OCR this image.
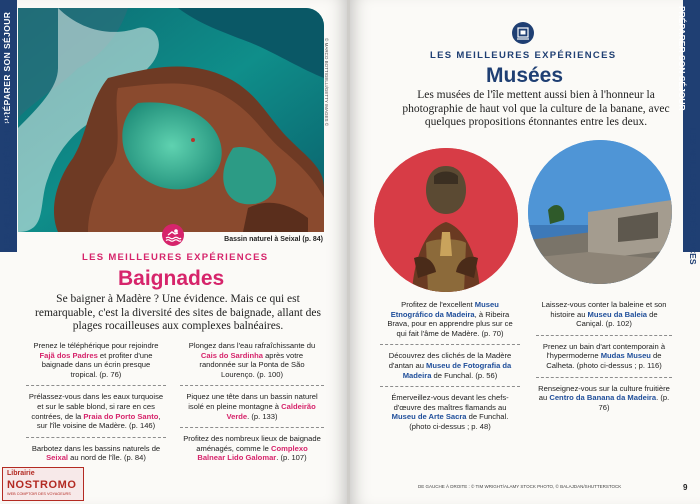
PRÉPARER SON SÉJOUR
LES MEILLEURES EXPÉRIENCES
© MARCO BOTTIGELLI/GETTY IMAGES ©
Bassin naturel à Seixal (p. 84)
LES MEILLEURES EXPÉRIENCES
Baignades
Se baigner à Madère ? Une évidence. Mais ce qui est remarquable, c'est la diversité des sites de baignade, allant des plages rocailleuses aux complexes balnéaires.
Prenez le téléphérique pour rejoindre Fajã dos Padres et profiter d'une baignade dans un écrin presque tropical. (p. 76)
Prélassez-vous dans les eaux turquoise et sur le sable blond, si rare en ces contrées, de la Praia do Porto Santo, sur l'île voisine de Madère. (p. 146)
Barbotez dans les bassins naturels de Seixal au nord de l'île. (p. 84)
Plongez dans l'eau rafraîchissante du Cais do Sardinha après votre randonnée sur la Ponta de São Lourenço. (p. 100)
Piquez une tête dans un bassin naturel isolé en pleine montagne à Caldeirão Verde. (p. 133)
Profitez des nombreux lieux de baignade aménagés, comme le Complexo Balnear Lido Galomar. (p. 107)
Librairie
NOSTROMO
WEB COMPTOIR DES VOYAGEURS
LES MEILLEURES EXPÉRIENCES
Musées
Les musées de l'île mettent aussi bien à l'honneur la photographie de haut vol que la culture de la banane, avec quelques propositions étonnantes entre les deux.
Profitez de l'excellent Museu Etnográfico da Madeira, à Ribeira Brava, pour en apprendre plus sur ce qui fait l'âme de Madère. (p. 70)
Découvrez des clichés de la Madère d'antan au Museu de Fotografia da Madeira de Funchal. (p. 56)
Émerveillez-vous devant les chefs-d'œuvre des maîtres flamands au Museu de Arte Sacra de Funchal. (photo ci-dessus ; p. 48)
Laissez-vous conter la baleine et son histoire au Museu da Baleia de Caniçal. (p. 102)
Prenez un bain d'art contemporain à l'hypermoderne Mudas Museu de Calheta. (photo ci-dessus ; p. 116)
Renseignez-vous sur la culture fruitière au Centro da Banana da Madeira. (p. 76)
PRÉPARER SON SÉJOUR
LES MEILLEURES EXPÉRIENCES
DE GAUCHE À DROITE : © TIM WRIGHT/ALAMY STOCK PHOTO, © BALAJDAN/SHUTTERSTOCK	9
